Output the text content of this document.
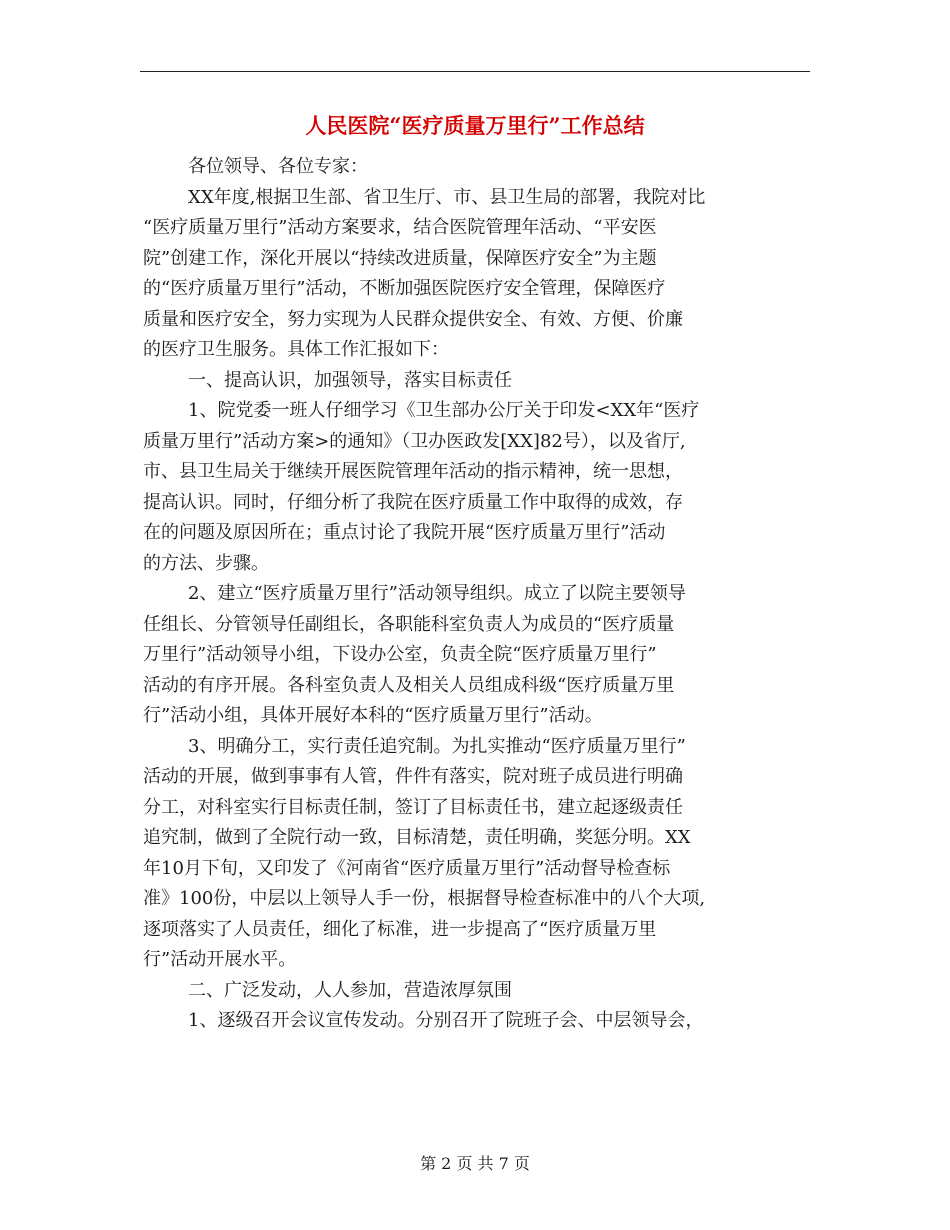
人民医院“医疗质量万里行”工作总结
各位领导、各位专家：
XX年度,根据卫生部、省卫生厅、市、县卫生局的部署，我院对比
“医疗质量万里行”活动方案要求，结合医院管理年活动、“平安医
院”创建工作，深化开展以“持续改进质量，保障医疗安全”为主题
的“医疗质量万里行”活动，不断加强医院医疗安全管理，保障医疗
质量和医疗安全，努力实现为人民群众提供安全、有效、方便、价廉
的医疗卫生服务。具体工作汇报如下：
一、提高认识，加强领导，落实目标责任
1、院党委一班人仔细学习《卫生部办公厅关于印发<XX年“医疗
质量万里行”活动方案>的通知》（卫办医政发[XX]82号），以及省厅,
市、县卫生局关于继续开展医院管理年活动的指示精神，统一思想，
提高认识。同时，仔细分析了我院在医疗质量工作中取得的成效，存
在的问题及原因所在；重点讨论了我院开展“医疗质量万里行”活动
的方法、步骤。
2、建立“医疗质量万里行”活动领导组织。成立了以院主要领导
任组长、分管领导任副组长，各职能科室负责人为成员的“医疗质量
万里行”活动领导小组，下设办公室，负责全院“医疗质量万里行”
活动的有序开展。各科室负责人及相关人员组成科级“医疗质量万里
行”活动小组，具体开展好本科的“医疗质量万里行”活动。
3、明确分工，实行责任追究制。为扎实推动“医疗质量万里行”
活动的开展，做到事事有人管，件件有落实，院对班子成员进行明确
分工，对科室实行目标责任制，签订了目标责任书，建立起逐级责任
追究制，做到了全院行动一致，目标清楚，责任明确，奖惩分明。XX
年10月下旬，又印发了《河南省“医疗质量万里行”活动督导检查标
准》100份，中层以上领导人手一份，根据督导检查标准中的八个大项,
逐项落实了人员责任，细化了标准，进一步提高了“医疗质量万里
行”活动开展水平。
二、广泛发动，人人参加，营造浓厚氛围
1、逐级召开会议宣传发动。分别召开了院班子会、中层领导会，
第 2 页 共 7 页
